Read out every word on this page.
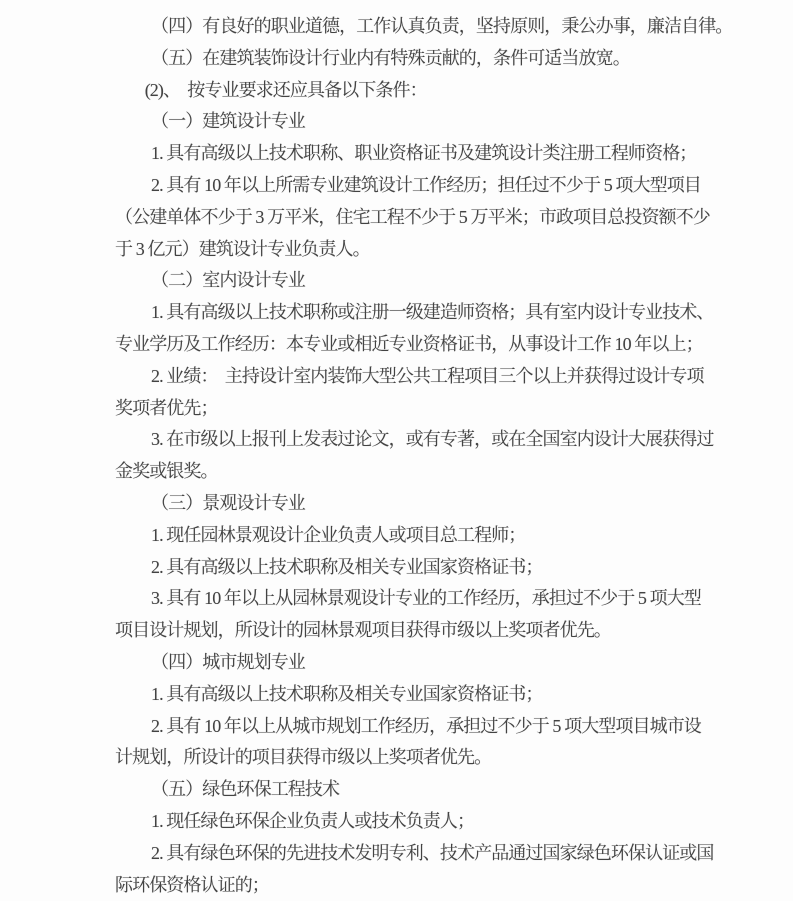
（四）有良好的职业道德，工作认真负责，坚持原则，秉公办事，廉洁自律。

（五）在建筑装饰设计行业内有特殊贡献的，条件可适当放宽。

(2)、  按专业要求还应具备以下条件：

（一）建筑设计专业

1. 具有高级以上技术职称、职业资格证书及建筑设计类注册工程师资格；

2. 具有 10 年以上所需专业建筑设计工作经历；担任过不少于 5 项大型项目

（公建单体不少于 3 万平米，住宅工程不少于 5 万平米；市政项目总投资额不少

于 3 亿元）建筑设计专业负责人。

（二）室内设计专业

1. 具有高级以上技术职称或注册一级建造师资格；具有室内设计专业技术、

专业学历及工作经历：本专业或相近专业资格证书，从事设计工作 10 年以上；

2. 业绩：  主持设计室内装饰大型公共工程项目三个以上并获得过设计专项

奖项者优先；

3. 在市级以上报刊上发表过论文，或有专著，或在全国室内设计大展获得过

金奖或银奖。

（三）景观设计专业

1. 现任园林景观设计企业负责人或项目总工程师；

2. 具有高级以上技术职称及相关专业国家资格证书；

3. 具有 10 年以上从园林景观设计专业的工作经历，承担过不少于 5 项大型

项目设计规划，所设计的园林景观项目获得市级以上奖项者优先。

（四）城市规划专业

1. 具有高级以上技术职称及相关专业国家资格证书；

2. 具有 10 年以上从城市规划工作经历，承担过不少于 5 项大型项目城市设

计规划，所设计的项目获得市级以上奖项者优先。

（五）绿色环保工程技术

1. 现任绿色环保企业负责人或技术负责人；

2. 具有绿色环保的先进技术发明专利、技术产品通过国家绿色环保认证或国

际环保资格认证的；
